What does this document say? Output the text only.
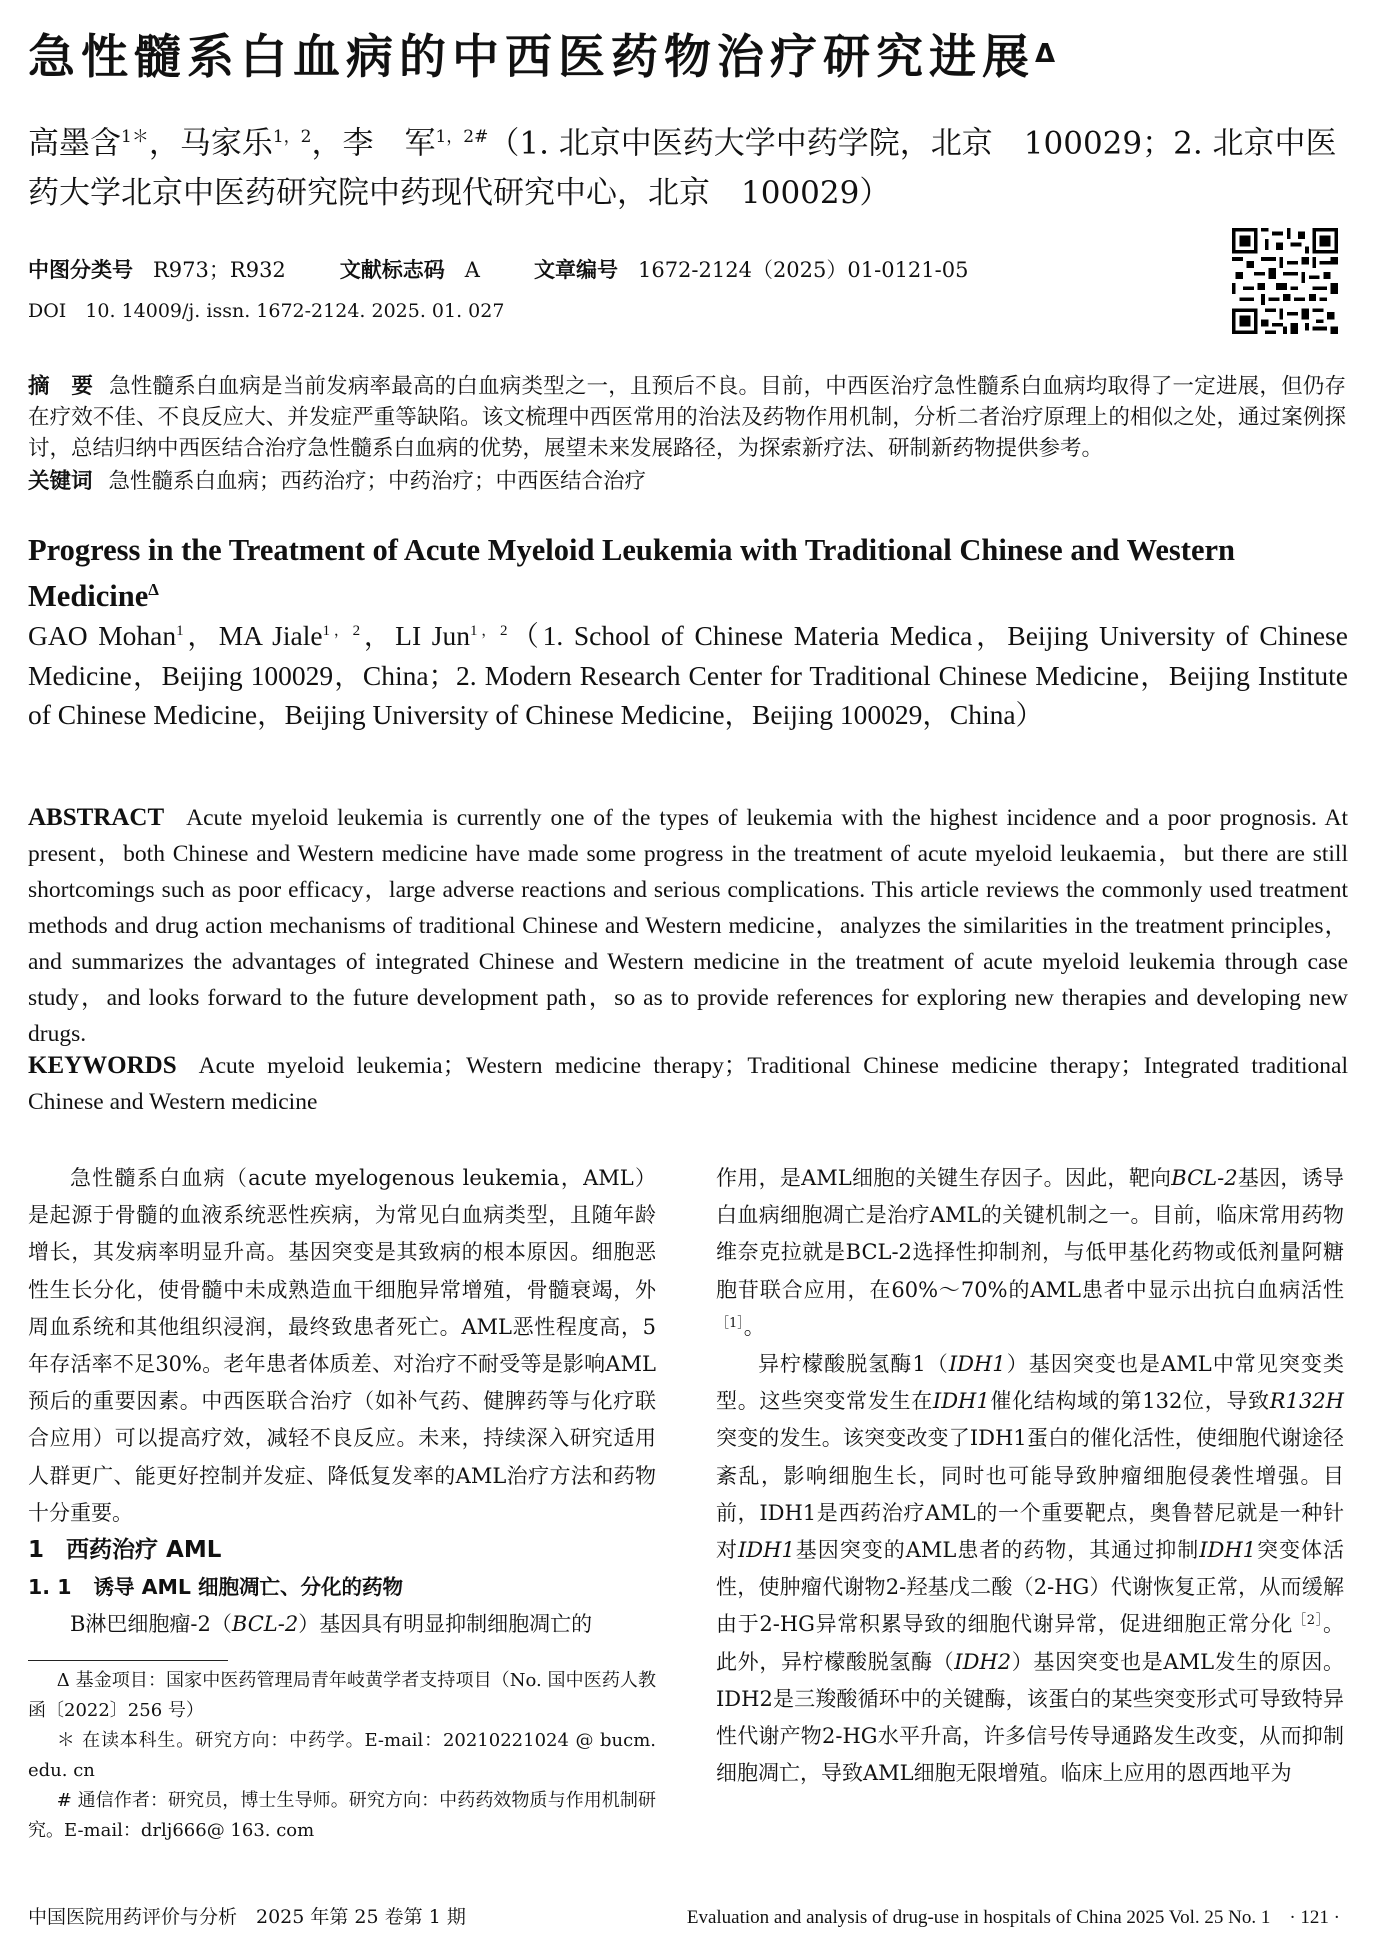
急性髓系白血病的中西医药物治疗研究进展$^\Delta$
高墨含$^{1*}$，马家乐$^{1,2}$，李　军$^{1,2\#}$（1. 北京中医药大学中药学院，北京　100029；2. 北京中医药大学北京中医药研究院中药现代研究中心，北京　100029）
中图分类号 R973；R932	文献标志码 A	文章编号 1672-2124（2025）01-0121-05
DOI　10. 14009/j. issn. 1672-2124. 2025. 01. 027
摘　要 急性髓系白血病是当前发病率最高的白血病类型之一，且预后不良。目前，中西医治疗急性髓系白血病均取得了一定进展，但仍存在疗效不佳、不良反应大、并发症严重等缺陷。该文梳理中西医常用的治法及药物作用机制，分析二者治疗原理上的相似之处，通过案例探讨，总结归纳中西医结合治疗急性髓系白血病的优势，展望未来发展路径，为探索新疗法、研制新药物提供参考。
关键词 急性髓系白血病；西药治疗；中药治疗；中西医结合治疗
Progress in the Treatment of Acute Myeloid Leukemia with Traditional Chinese and Western Medicine$^\Delta$
GAO Mohan$^1$，MA Jiale$^{1,2}$，LI Jun$^{1,2}$（1. School of Chinese Materia Medica，Beijing University of Chinese Medicine，Beijing 100029，China；2. Modern Research Center for Traditional Chinese Medicine，Beijing Institute of Chinese Medicine，Beijing University of Chinese Medicine，Beijing 100029，China）
ABSTRACT Acute myeloid leukemia is currently one of the types of leukemia with the highest incidence and a poor prognosis. At present，both Chinese and Western medicine have made some progress in the treatment of acute myeloid leukaemia，but there are still shortcomings such as poor efficacy，large adverse reactions and serious complications. This article reviews the commonly used treatment methods and drug action mechanisms of traditional Chinese and Western medicine，analyzes the similarities in the treatment principles，and summarizes the advantages of integrated Chinese and Western medicine in the treatment of acute myeloid leukemia through case study，and looks forward to the future development path，so as to provide references for exploring new therapies and developing new drugs.
KEYWORDS Acute myeloid leukemia；Western medicine therapy；Traditional Chinese medicine therapy；Integrated traditional Chinese and Western medicine

急性髓系白血病（acute myelogenous leukemia，AML）是起源于骨髓的血液系统恶性疾病，为常见白血病类型，且随年龄增长，其发病率明显升高。基因突变是其致病的根本原因。细胞恶性生长分化，使骨髓中未成熟造血干细胞异常增殖，骨髓衰竭，外周血系统和其他组织浸润，最终致患者死亡。AML恶性程度高，5年存活率不足30%。老年患者体质差、对治疗不耐受等是影响AML预后的重要因素。中西医联合治疗（如补气药、健脾药等与化疗联合应用）可以提高疗效，减轻不良反应。未来，持续深入研究适用人群更广、能更好控制并发症、降低复发率的AML治疗方法和药物十分重要。

1 西药治疗 AML

1. 1 诱导 AML 细胞凋亡、分化的药物

B淋巴细胞瘤-2（BCL-2）基因具有明显抑制细胞凋亡的

Δ 基金项目：国家中医药管理局青年岐黄学者支持项目（No. 国中医药人教函〔2022〕256 号）

＊ 在读本科生。研究方向：中药学。E-mail：20210221024 @ bucm. edu. cn

# 通信作者：研究员，博士生导师。研究方向：中药药效物质与作用机制研究。E-mail：drlj666@ 163. com

作用，是AML细胞的关键生存因子。因此，靶向BCL-2基因，诱导白血病细胞凋亡是治疗AML的关键机制之一。目前，临床常用药物维奈克拉就是BCL-2选择性抑制剂，与低甲基化药物或低剂量阿糖胞苷联合应用，在60%～70%的AML患者中显示出抗白血病活性$^{[1]}$。

异柠檬酸脱氢酶1（IDH1）基因突变也是AML中常见突变类型。这些突变常发生在IDH1催化结构域的第132位，导致R132H突变的发生。该突变改变了IDH1蛋白的催化活性，使细胞代谢途径紊乱，影响细胞生长，同时也可能导致肿瘤细胞侵袭性增强。目前，IDH1是西药治疗AML的一个重要靶点，奥鲁替尼就是一种针对IDH1基因突变的AML患者的药物，其通过抑制IDH1突变体活性，使肿瘤代谢物2-羟基戊二酸（2-HG）代谢恢复正常，从而缓解由于2-HG异常积累导致的细胞代谢异常，促进细胞正常分化$^{[2]}$。此外，异柠檬酸脱氢酶（IDH2）基因突变也是AML发生的原因。IDH2是三羧酸循环中的关键酶，该蛋白的某些突变形式可导致特异性代谢产物2-HG水平升高，许多信号传导通路发生改变，从而抑制细胞凋亡，导致AML细胞无限增殖。临床上应用的恩西地平为

中国医院用药评价与分析　2025 年第 25 卷第 1 期	Evaluation and analysis of drug-use in hospitals of China 2025 Vol. 25 No. 1　· 121 ·
